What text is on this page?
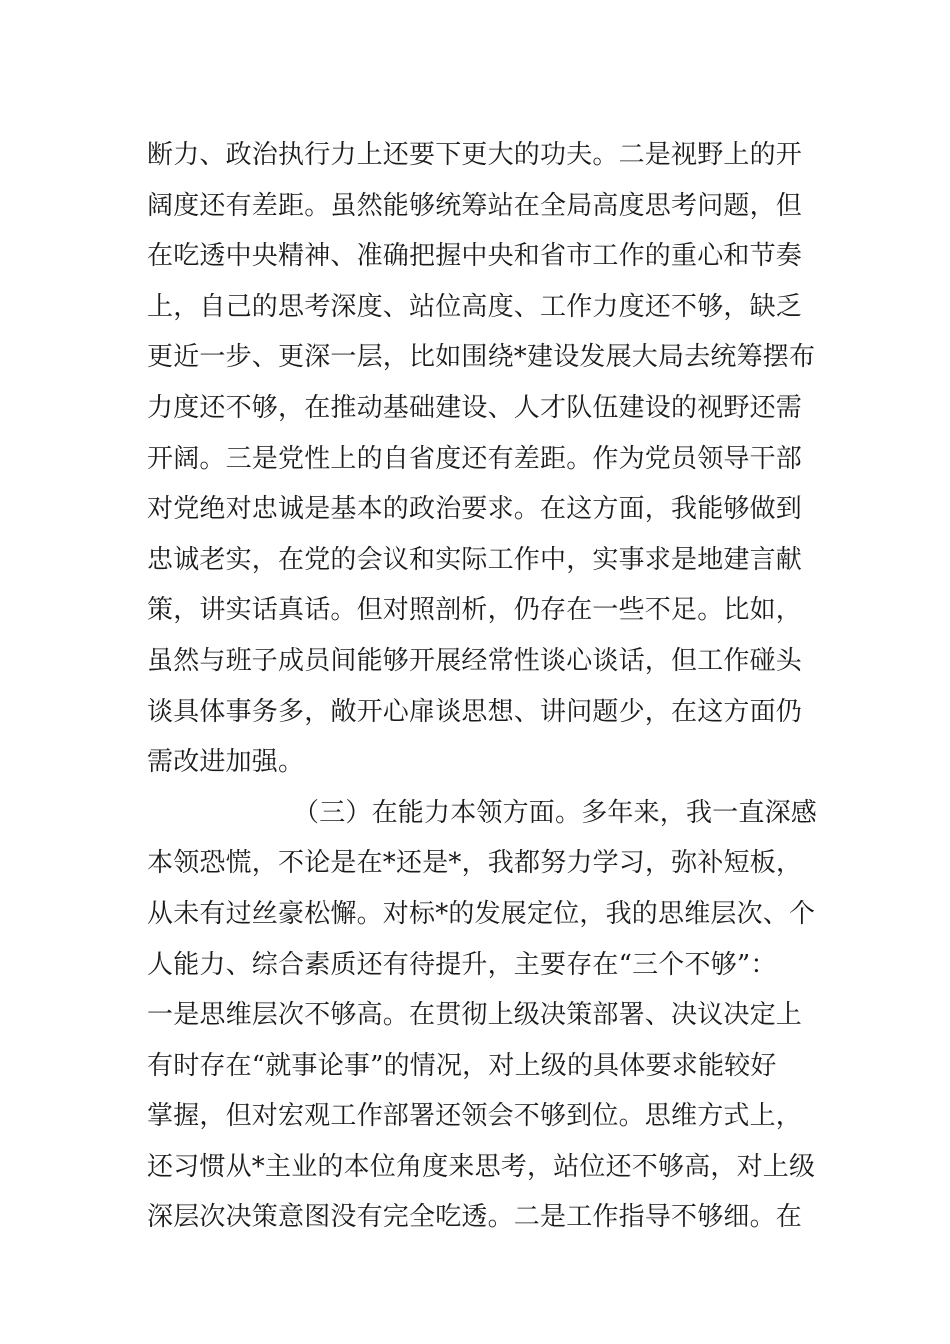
断力、政治执行力上还要下更大的功夫。二是视野上的开
阔度还有差距。虽然能够统筹站在全局高度思考问题，但
在吃透中央精神、准确把握中央和省市工作的重心和节奏
上，自己的思考深度、站位高度、工作力度还不够，缺乏
更近一步、更深一层，比如围绕*建设发展大局去统筹摆布
力度还不够，在推动基础建设、人才队伍建设的视野还需
开阔。三是党性上的自省度还有差距。作为党员领导干部
对党绝对忠诚是基本的政治要求。在这方面，我能够做到
忠诚老实，在党的会议和实际工作中，实事求是地建言献
策，讲实话真话。但对照剖析，仍存在一些不足。比如，
虽然与班子成员间能够开展经常性谈心谈话，但工作碰头
谈具体事务多，敞开心扉谈思想、讲问题少，在这方面仍
需改进加强。
（三）在能力本领方面。多年来，我一直深感
本领恐慌，不论是在*还是*，我都努力学习，弥补短板，
从未有过丝豪松懈。对标*的发展定位，我的思维层次、个
人能力、综合素质还有待提升，主要存在“三个不够”：
一是思维层次不够高。在贯彻上级决策部署、决议决定上
有时存在“就事论事”的情况，对上级的具体要求能较好
掌握，但对宏观工作部署还领会不够到位。思维方式上，
还习惯从*主业的本位角度来思考，站位还不够高，对上级
深层次决策意图没有完全吃透。二是工作指导不够细。在
